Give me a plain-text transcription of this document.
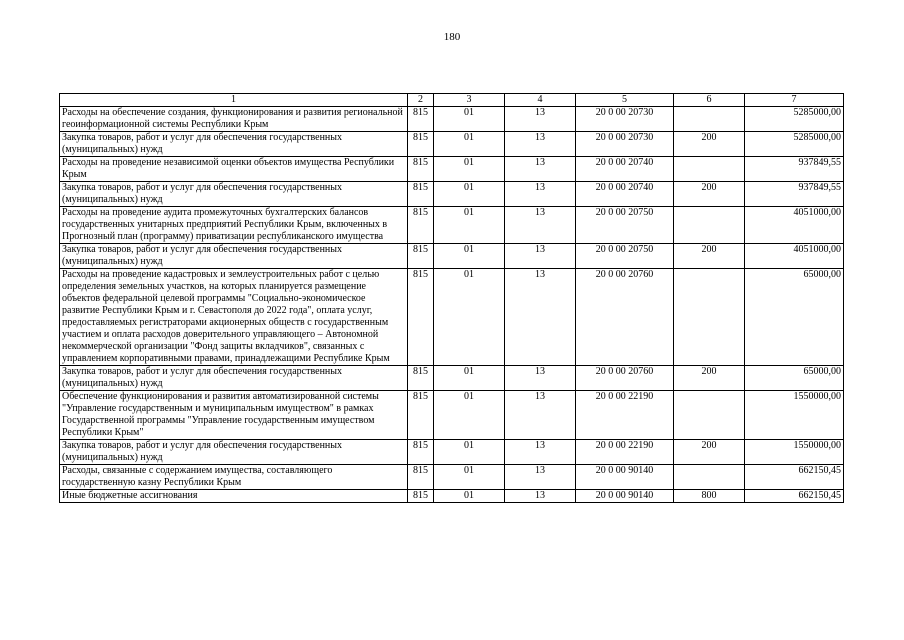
180
1	2	3	4	5	6	7
Расходы на обеспечение создания, функционирования и развития региональной геоинформационной системы Республики Крым	815	01	13	20 0 00 20730		5285000,00
Закупка товаров, работ и услуг для обеспечения государственных (муниципальных) нужд	815	01	13	20 0 00 20730	200	5285000,00
Расходы на проведение независимой оценки объектов имущества Республики Крым	815	01	13	20 0 00 20740		937849,55
Закупка товаров, работ и услуг для обеспечения государственных (муниципальных) нужд	815	01	13	20 0 00 20740	200	937849,55
Расходы на проведение аудита промежуточных бухгалтерских балансов государственных унитарных предприятий Республики Крым, включенных в Прогнозный план (программу) приватизации республиканского имущества	815	01	13	20 0 00 20750		4051000,00
Закупка товаров, работ и услуг для обеспечения государственных (муниципальных) нужд	815	01	13	20 0 00 20750	200	4051000,00
Расходы на проведение кадастровых и землеустроительных работ с целью определения земельных участков, на которых планируется размещение объектов федеральной целевой программы "Социально-экономическое развитие Республики Крым и г. Севастополя до 2022 года", оплата услуг, предоставляемых регистраторами акционерных обществ с государственным участием и оплата расходов доверительного управляющего – Автономной некоммерческой организации "Фонд защиты вкладчиков", связанных с управлением корпоративными правами, принадлежащими Республике Крым	815	01	13	20 0 00 20760		65000,00
Закупка товаров, работ и услуг для обеспечения государственных (муниципальных) нужд	815	01	13	20 0 00 20760	200	65000,00
Обеспечение функционирования и развития автоматизированной системы "Управление государственным и муниципальным имуществом" в рамках Государственной программы "Управление государственным имуществом Республики Крым"	815	01	13	20 0 00 22190		1550000,00
Закупка товаров, работ и услуг для обеспечения государственных (муниципальных) нужд	815	01	13	20 0 00 22190	200	1550000,00
Расходы, связанные с содержанием имущества, составляющего государственную казну Республики Крым	815	01	13	20 0 00 90140		662150,45
Иные бюджетные ассигнования	815	01	13	20 0 00 90140	800	662150,45
